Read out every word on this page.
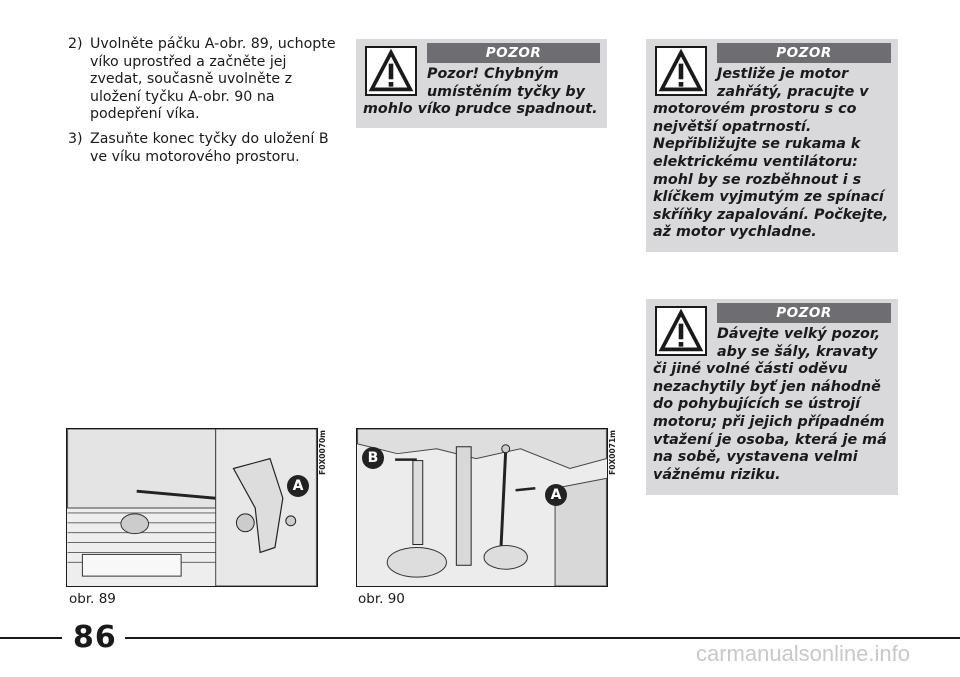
2) Uvolněte páčku A-obr. 89, uchopte víko uprostřed a začněte jej zvedat, současně uvolněte z uložení tyčku A-obr. 90 na podepření víka.
3) Zasuňte konec tyčky do uložení B ve víku motorového prostoru.
POZOR
Pozor! Chybným umístěním tyčky by mohlo víko prudce spadnout.
POZOR
Jestliže je motor zahřátý, pracujte v motorovém prostoru s co největší opatrností. Nepřibližujte se rukama k elektrickému ventilátoru: mohl by se rozběhnout i s klíčkem vyjmutým ze spínací skříňky zapalování. Počkejte, až motor vychladne.
POZOR
Dávejte velký pozor, aby se šály, kravaty či jiné volné části oděvu nezachytily byť jen náhodně do pohybujících se ústrojí motoru; při jejich případném vtažení je osoba, která je má na sobě, vystavena velmi vážnému riziku.
F0X0070m
A
obr. 89
F0X0071m
B
A
obr. 90
86	carmanualsonline.info
